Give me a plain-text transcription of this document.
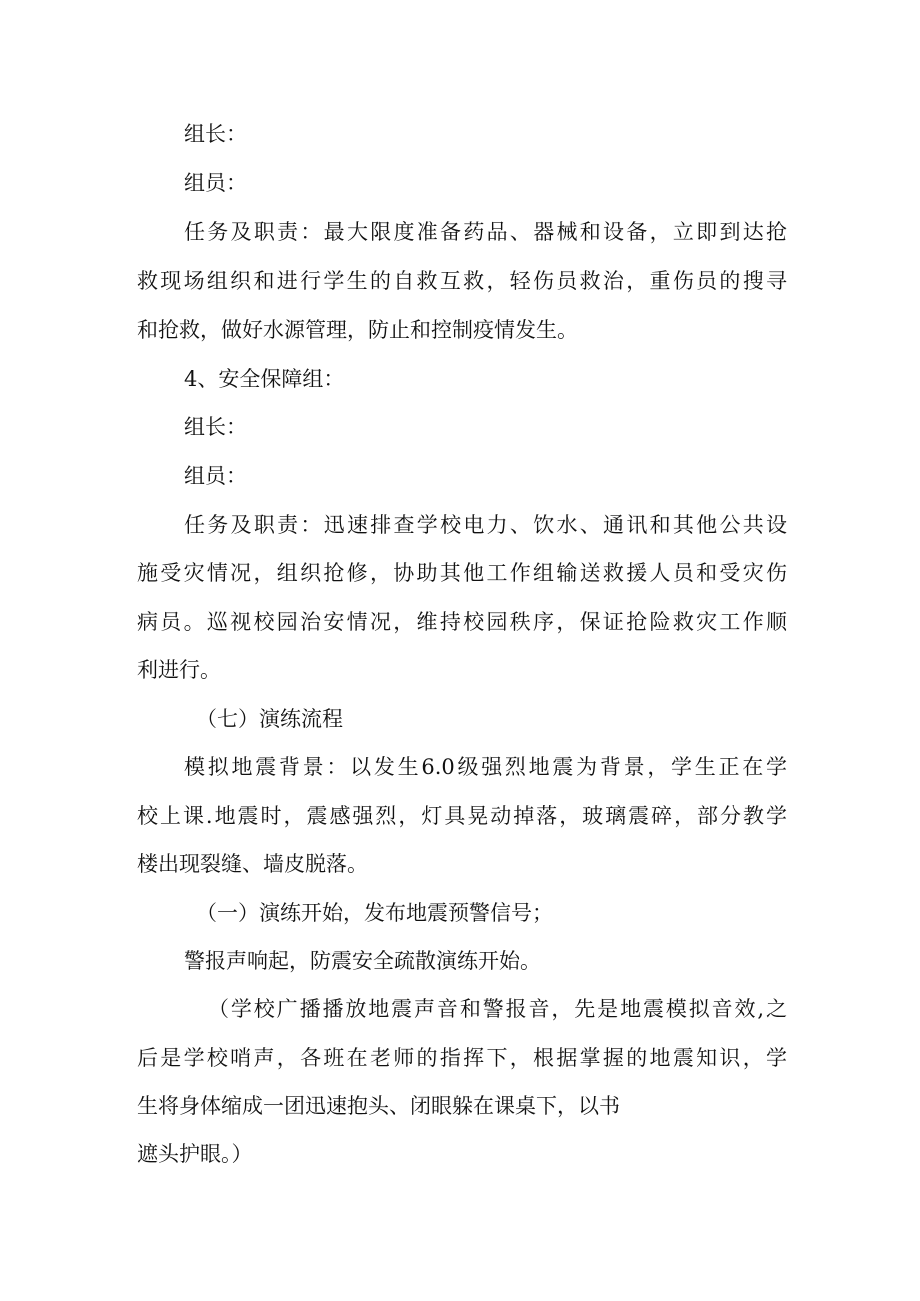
组长：
组员：
任务及职责：最大限度准备药品、器械和设备，立即到达抢
救现场组织和进行学生的自救互救，轻伤员救治，重伤员的搜寻
和抢救，做好水源管理，防止和控制疫情发生。
4、安全保障组：
组长：
组员：
任务及职责：迅速排查学校电力、饮水、通讯和其他公共设
施受灾情况，组织抢修，协助其他工作组输送救援人员和受灾伤
病员。巡视校园治安情况，维持校园秩序，保证抢险救灾工作顺
利进行。
（七）演练流程
模拟地震背景：以发生6.0级强烈地震为背景，学生正在学
校上课.地震时，震感强烈，灯具晃动掉落，玻璃震碎，部分教学
楼出现裂缝、墙皮脱落。
（一）演练开始，发布地震预警信号；
警报声响起，防震安全疏散演练开始。
（学校广播播放地震声音和警报音，先是地震模拟音效,之
后是学校哨声，各班在老师的指挥下，根据掌握的地震知识，学
生将身体缩成一团迅速抱头、闭眼躲在课桌下，以书
遮头护眼。）
